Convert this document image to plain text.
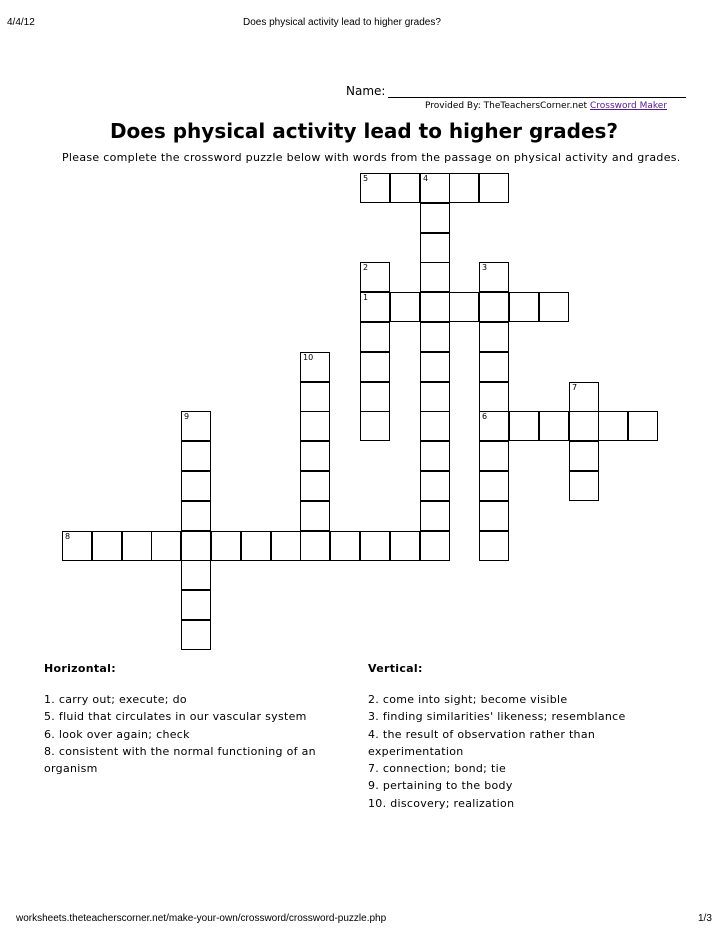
4/4/12	Does physical activity lead to higher grades?
Name:
Provided By: TheTeachersCorner.net Crossword Maker
Does physical activity lead to higher grades?
Please complete the crossword puzzle below with words from the passage on physical activity and grades.
5	4
2	3
1
10
7
9	6
8
Horizontal:	Vertical:
1. carry out; execute; do
5. fluid that circulates in our vascular system
6. look over again; check
8. consistent with the normal functioning of an
organism
2. come into sight; become visible
3. finding similarities' likeness; resemblance
4. the result of observation rather than
experimentation
7. connection; bond; tie
9. pertaining to the body
10. discovery; realization
worksheets.theteacherscorner.net/make-your-own/crossword/crossword-puzzle.php	1/3
